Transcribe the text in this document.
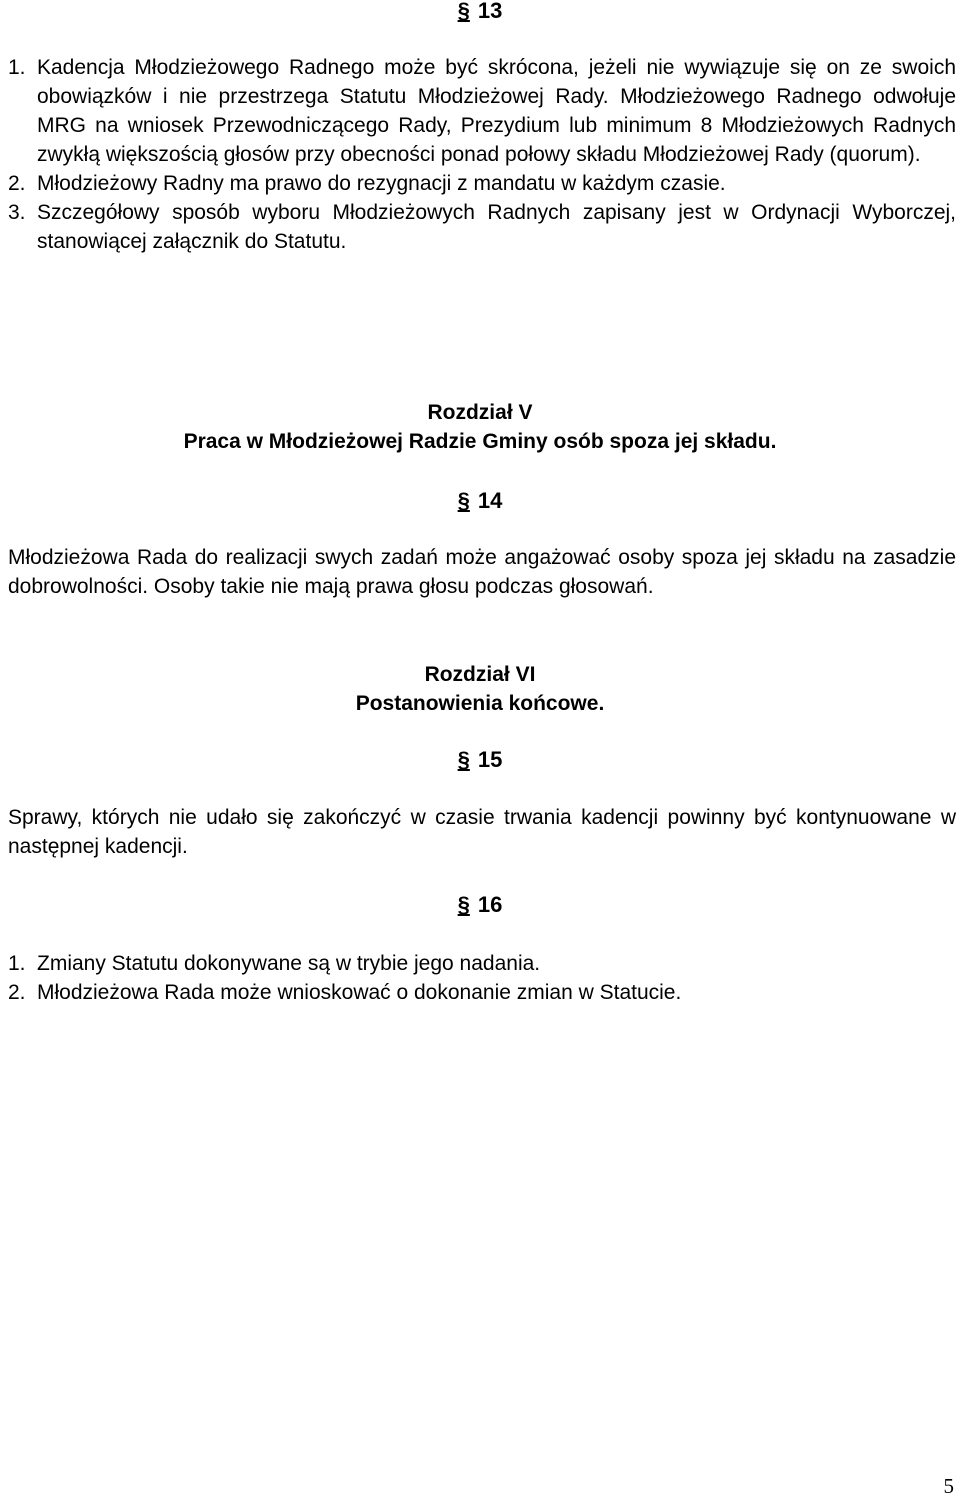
§ 13
1. Kadencja Młodzieżowego Radnego może być skrócona, jeżeli nie wywiązuje się on ze swoich obowiązków i nie przestrzega Statutu Młodzieżowej Rady. Młodzieżowego Radnego odwołuje MRG na wniosek Przewodniczącego Rady, Prezydium lub minimum 8 Młodzieżowych Radnych zwykłą większością głosów przy obecności ponad połowy składu Młodzieżowej Rady (quorum).
2. Młodzieżowy Radny ma prawo do rezygnacji z mandatu w każdym czasie.
3. Szczegółowy sposób wyboru Młodzieżowych Radnych zapisany jest w Ordynacji Wyborczej, stanowiącej załącznik do Statutu.
Rozdział V
Praca w Młodzieżowej Radzie Gminy osób spoza jej składu.
§ 14

Młodzieżowa Rada do realizacji swych zadań może angażować osoby spoza jej składu na zasadzie dobrowolności. Osoby takie nie mają prawa głosu podczas głosowań.

Rozdział VI
Postanowienia końcowe.
§ 15

Sprawy, których nie udało się zakończyć w czasie trwania kadencji powinny być kontynuowane w następnej kadencji.

§ 16
1. Zmiany Statutu dokonywane są w trybie jego nadania.
2. Młodzieżowa Rada może wnioskować o dokonanie zmian w Statucie.
5
